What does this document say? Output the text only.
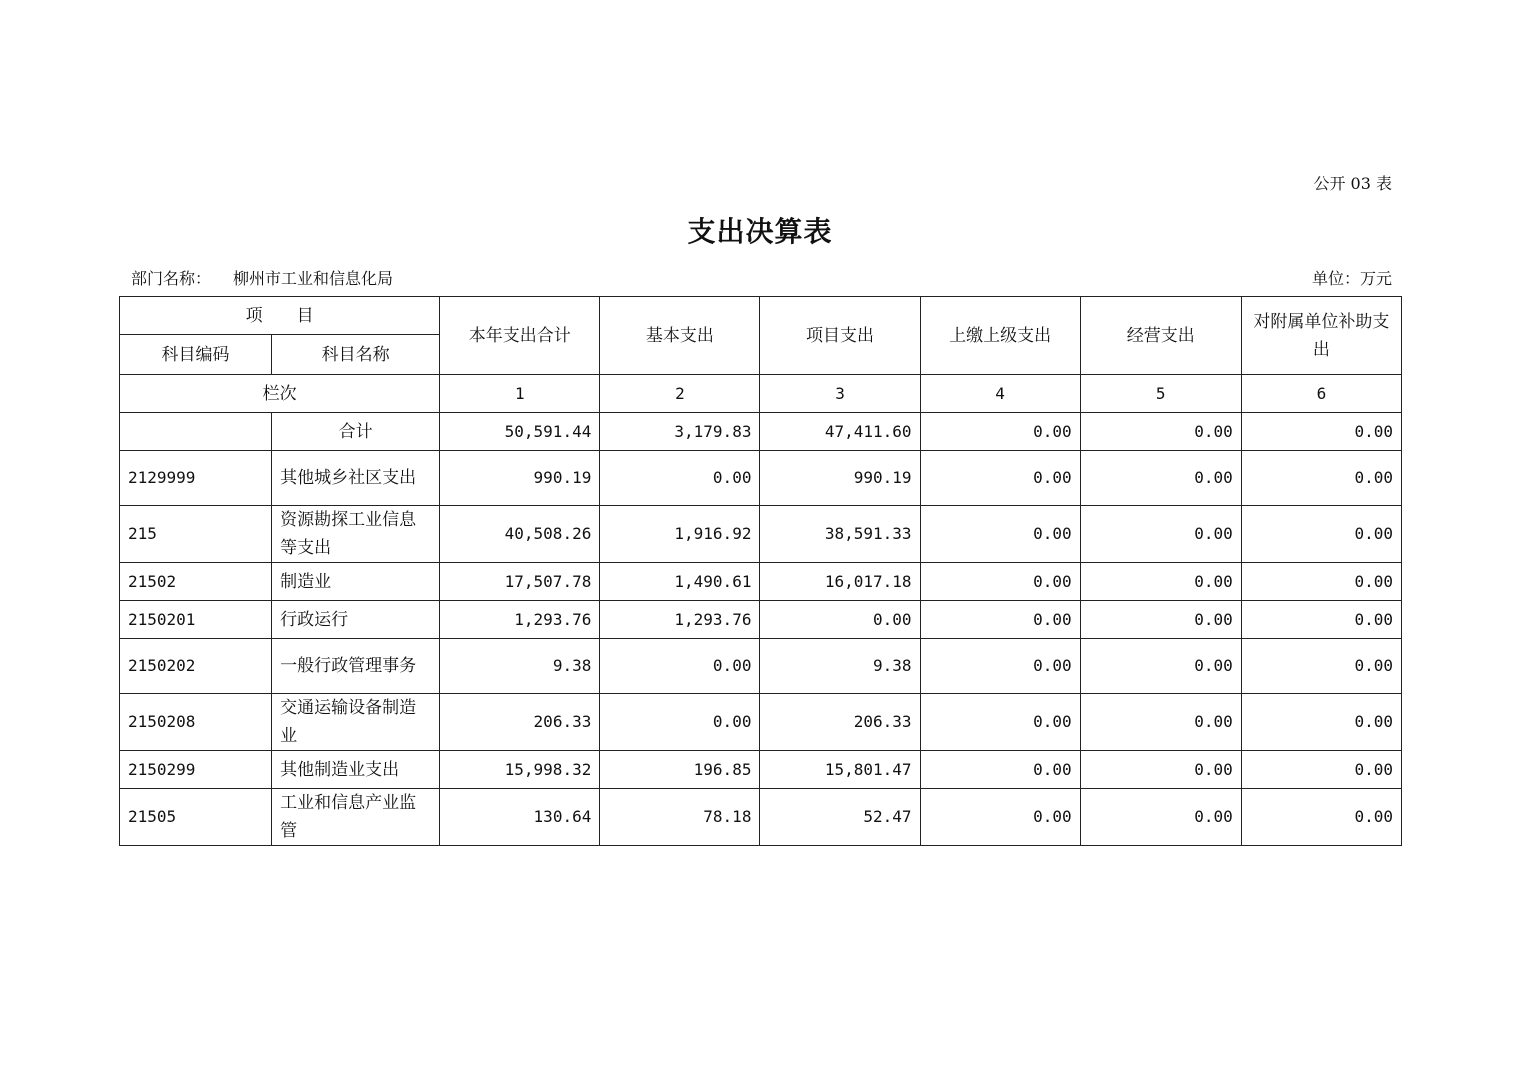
公开 03 表
支出决算表
部门名称： 柳州市工业和信息化局	单位：万元
项　　目		本年支出合计	基本支出	项目支出	上缴上级支出	经营支出	对附属单位补助支出
科目编码	科目名称						
栏次		1	2	3	4	5	6
	合计	50,591.44	3,179.83	47,411.60	0.00	0.00	0.00
2129999	其他城乡社区支出	990.19	0.00	990.19	0.00	0.00	0.00
215	资源勘探工业信息等支出	40,508.26	1,916.92	38,591.33	0.00	0.00	0.00
21502	制造业	17,507.78	1,490.61	16,017.18	0.00	0.00	0.00
2150201	行政运行	1,293.76	1,293.76	0.00	0.00	0.00	0.00
2150202	一般行政管理事务	9.38	0.00	9.38	0.00	0.00	0.00
2150208	交通运输设备制造业	206.33	0.00	206.33	0.00	0.00	0.00
2150299	其他制造业支出	15,998.32	196.85	15,801.47	0.00	0.00	0.00
21505	工业和信息产业监管	130.64	78.18	52.47	0.00	0.00	0.00
